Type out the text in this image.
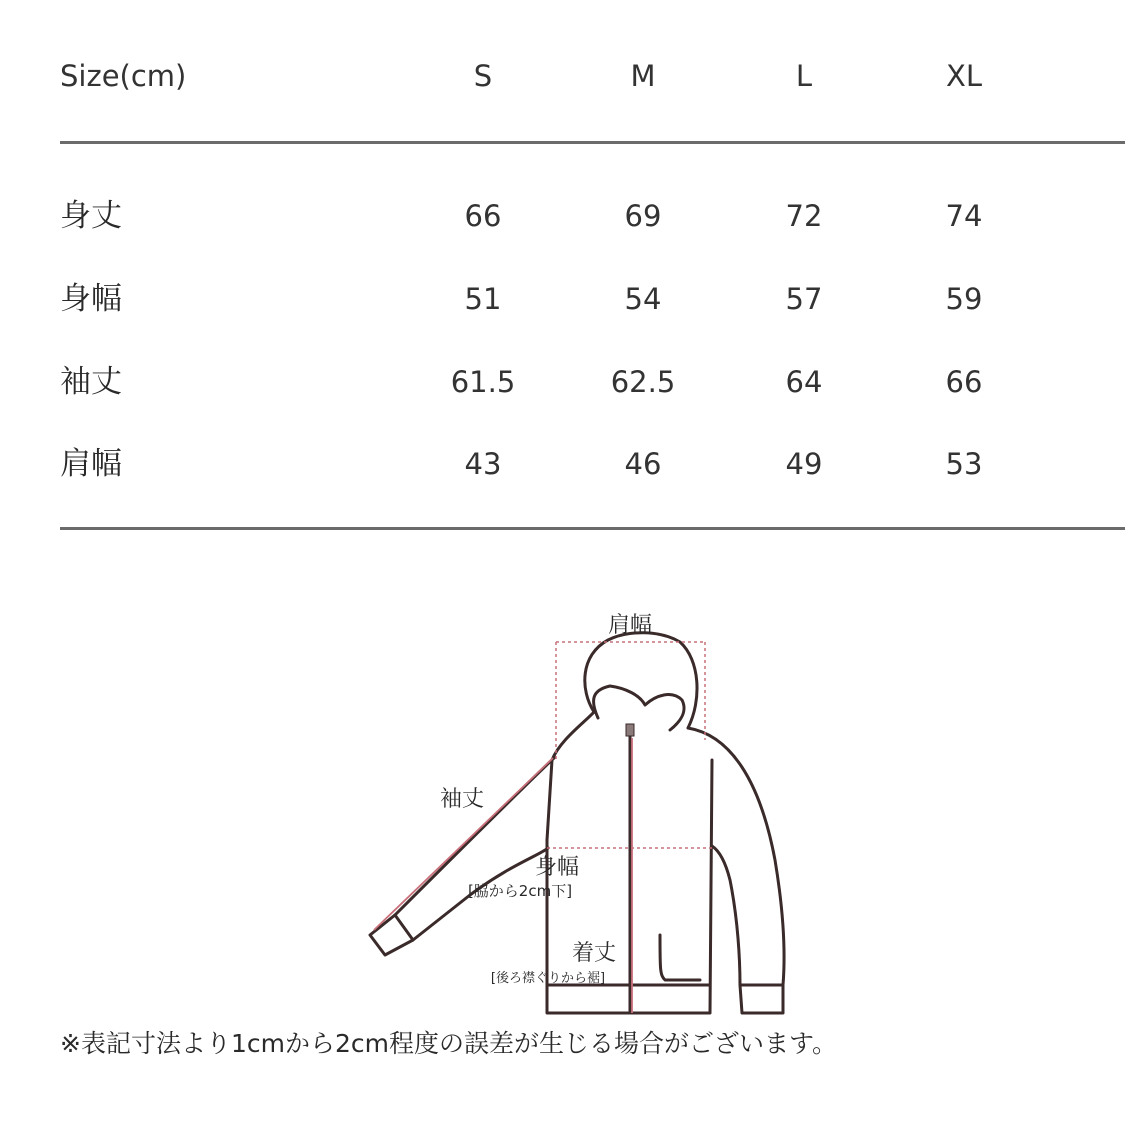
Size(cm)	S	M	L	XL
身丈	66	69	72	74
身幅	51	54	57	59
袖丈	61.5	62.5	64	66
肩幅	43	46	49	53
肩幅
袖丈
身幅
[脇から2cm下]
着丈
[後ろ襟ぐりから裾]
※表記寸法より1cmから2cm程度の誤差が生じる場合がございます。
